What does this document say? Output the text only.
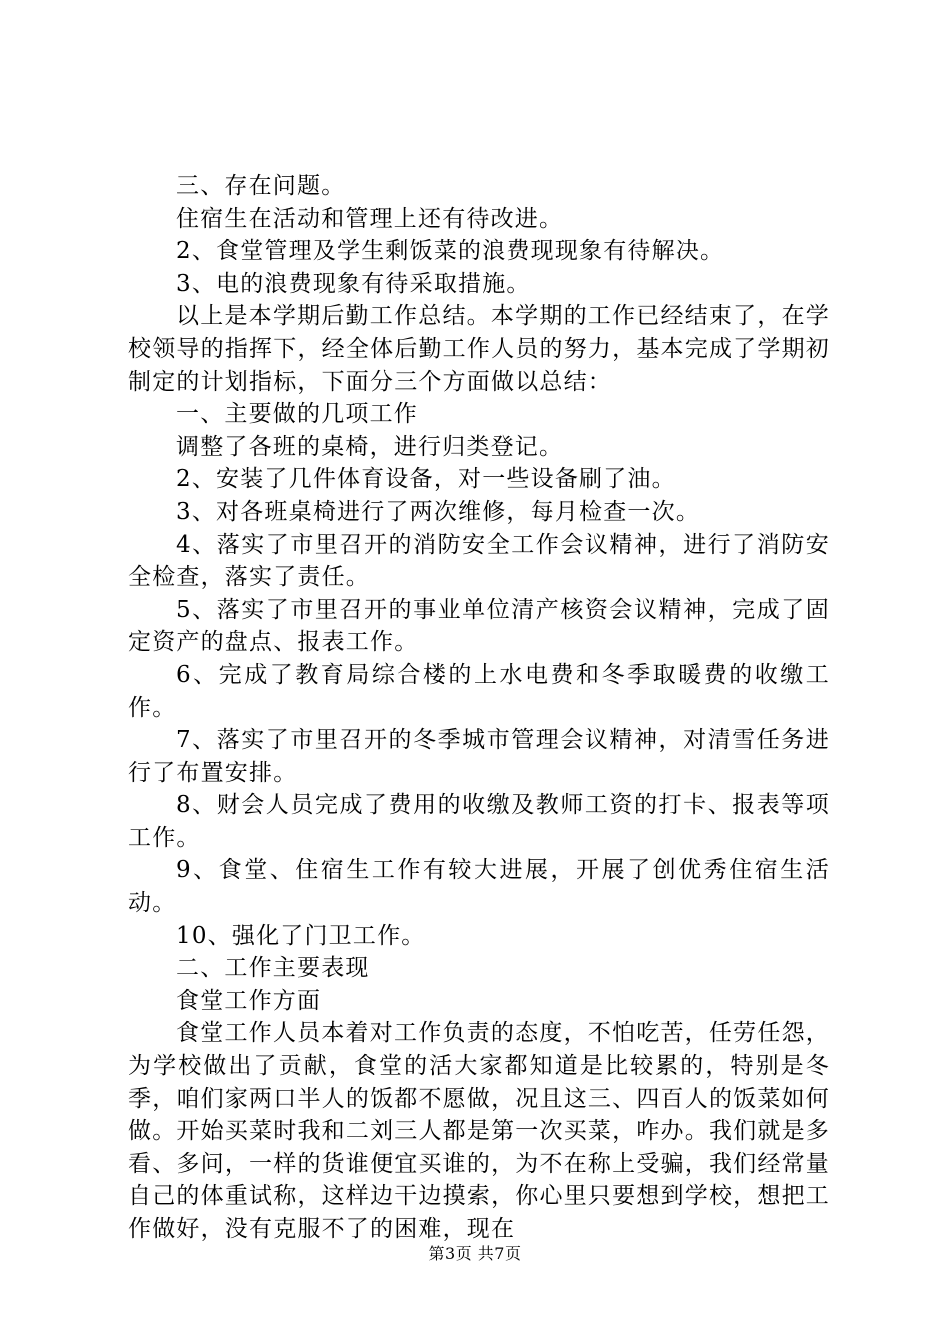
三、存在问题。

住宿生在活动和管理上还有待改进。

2、食堂管理及学生剩饭菜的浪费现现象有待解决。

3、电的浪费现象有待采取措施。

以上是本学期后勤工作总结。本学期的工作已经结束了，在学校领导的指挥下，经全体后勤工作人员的努力，基本完成了学期初制定的计划指标，下面分三个方面做以总结：

一、主要做的几项工作

调整了各班的桌椅，进行归类登记。

2、安装了几件体育设备，对一些设备刷了油。

3、对各班桌椅进行了两次维修，每月检查一次。

4、落实了市里召开的消防安全工作会议精神，进行了消防安全检查，落实了责任。

5、落实了市里召开的事业单位清产核资会议精神，完成了固定资产的盘点、报表工作。

6、完成了教育局综合楼的上水电费和冬季取暖费的收缴工作。

7、落实了市里召开的冬季城市管理会议精神，对清雪任务进行了布置安排。

8、财会人员完成了费用的收缴及教师工资的打卡、报表等项工作。

9、食堂、住宿生工作有较大进展，开展了创优秀住宿生活动。

10、强化了门卫工作。

二、工作主要表现

食堂工作方面

食堂工作人员本着对工作负责的态度，不怕吃苦，任劳任怨，为学校做出了贡献，食堂的活大家都知道是比较累的，特别是冬季，咱们家两口半人的饭都不愿做，况且这三、四百人的饭菜如何做。开始买菜时我和二刘三人都是第一次买菜，咋办。我们就是多看、多问，一样的货谁便宜买谁的，为不在称上受骗，我们经常量自己的体重试称，这样边干边摸索，你心里只要想到学校，想把工作做好，没有克服不了的困难，现在

第3页 共7页
